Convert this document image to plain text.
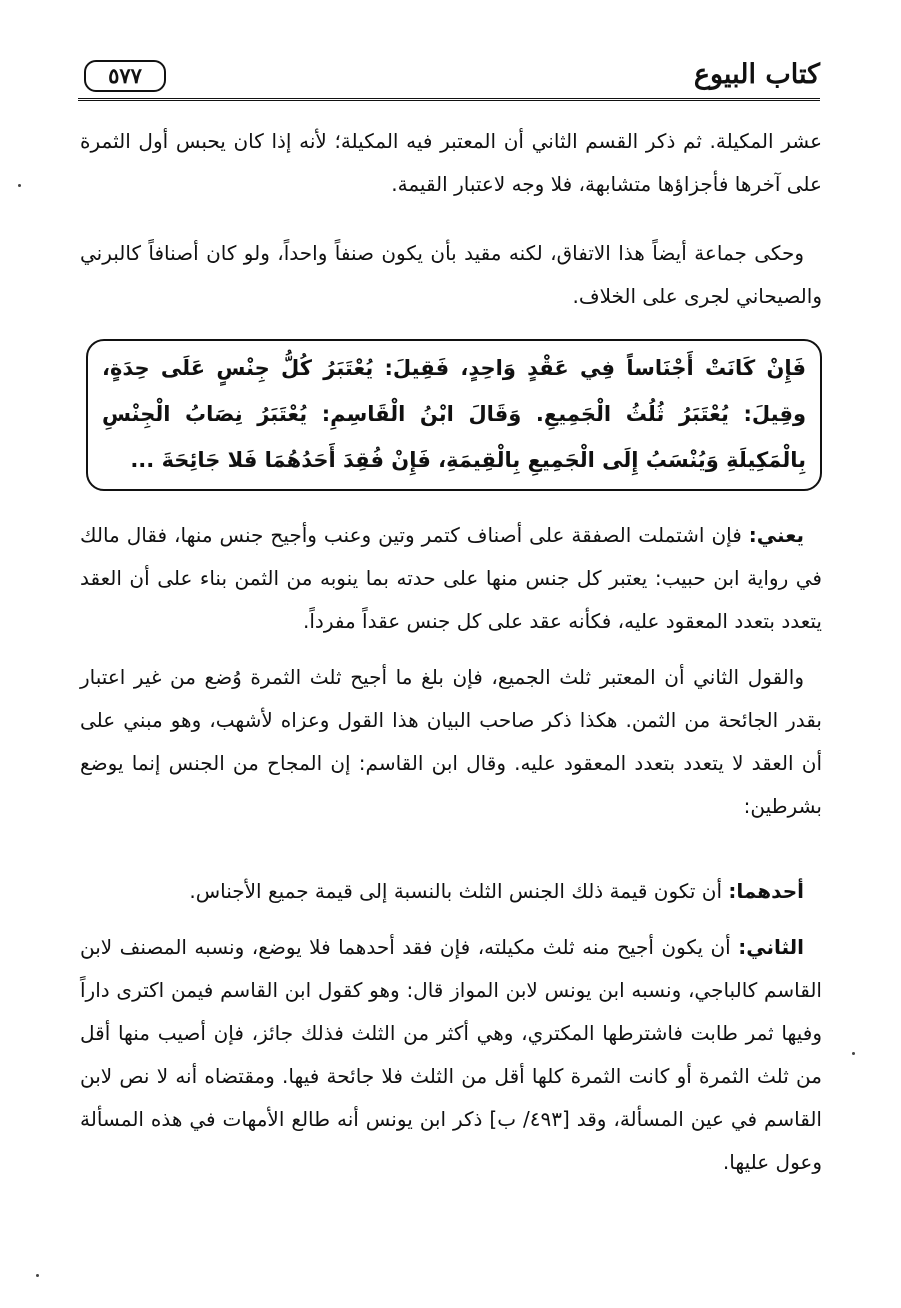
٥٧٧	كتاب البيوع

عشر المكيلة. ثم ذكر القسم الثاني أن المعتبر فيه المكيلة؛ لأنه إذا كان يحبس أول الثمرة على آخرها فأجزاؤها متشابهة، فلا وجه لاعتبار القيمة.

وحكى جماعة أيضاً هذا الاتفاق، لكنه مقيد بأن يكون صنفاً واحداً، ولو كان أصنافاً كالبرني والصيحاني لجرى على الخلاف.

فَإِنْ كَانَتْ أَجْنَاساً فِي عَقْدٍ وَاحِدٍ، فَقِيلَ: يُعْتَبَرُ كُلُّ جِنْسٍ عَلَى حِدَةٍ، وقِيلَ: يُعْتَبَرُ ثُلُثُ الْجَمِيعِ. وَقَالَ ابْنُ الْقَاسِمِ: يُعْتَبَرُ نِصَابُ الْجِنْسِ بِالْمَكِيلَةِ وَيُنْسَبُ إِلَى الْجَمِيعِ بِالْقِيمَةِ، فَإِنْ فُقِدَ أَحَدُهُمَا فَلا جَائِحَةَ ...

يعني: فإن اشتملت الصفقة على أصناف كتمر وتين وعنب وأجيح جنس منها، فقال مالك في رواية ابن حبيب: يعتبر كل جنس منها على حدته بما ينوبه من الثمن بناء على أن العقد يتعدد بتعدد المعقود عليه، فكأنه عقد على كل جنس عقداً مفرداً.

والقول الثاني أن المعتبر ثلث الجميع، فإن بلغ ما أجيح ثلث الثمرة وُضع من غير اعتبار بقدر الجائحة من الثمن. هكذا ذكر صاحب البيان هذا القول وعزاه لأشهب، وهو مبني على أن العقد لا يتعدد بتعدد المعقود عليه. وقال ابن القاسم: إن المجاح من الجنس إنما يوضع بشرطين:

أحدهما: أن تكون قيمة ذلك الجنس الثلث بالنسبة إلى قيمة جميع الأجناس.

الثاني: أن يكون أجيح منه ثلث مكيلته، فإن فقد أحدهما فلا يوضع، ونسبه المصنف لابن القاسم كالباجي، ونسبه ابن يونس لابن المواز قال: وهو كقول ابن القاسم فيمن اكترى داراً وفيها ثمر طابت فاشترطها المكتري، وهي أكثر من الثلث فذلك جائز، فإن أصيب منها أقل من ثلث الثمرة أو كانت الثمرة كلها أقل من الثلث فلا جائحة فيها. ومقتضاه أنه لا نص لابن القاسم في عين المسألة، وقد [٤٩٣/ ب] ذكر ابن يونس أنه طالع الأمهات في هذه المسألة وعول عليها.
